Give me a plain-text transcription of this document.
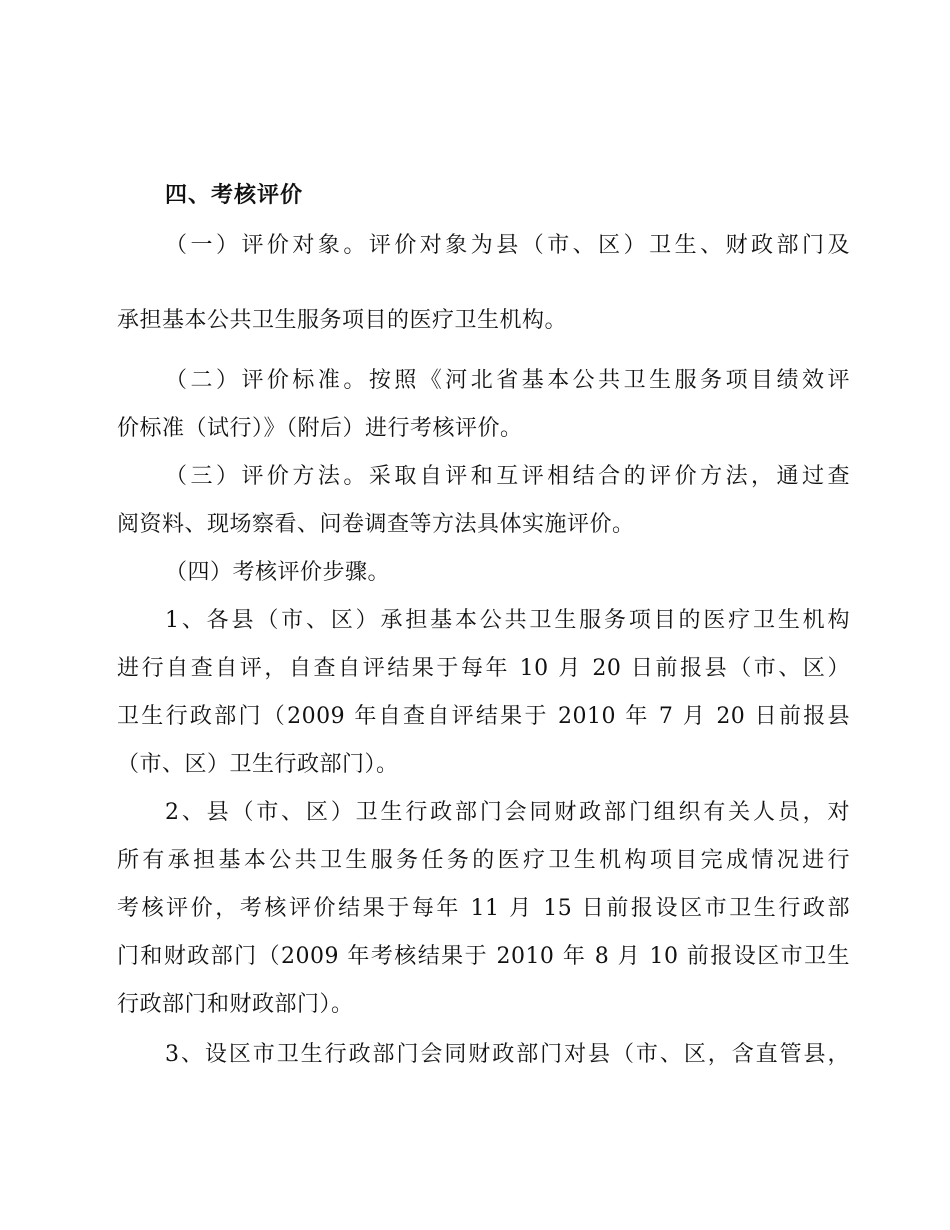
四、考核评价
（一）评价对象。评价对象为县（市、区）卫生、财政部门及
承担基本公共卫生服务项目的医疗卫生机构。
（二）评价标准。按照《河北省基本公共卫生服务项目绩效评
价标准（试行）》（附后）进行考核评价。
（三）评价方法。采取自评和互评相结合的评价方法，通过查
阅资料、现场察看、问卷调查等方法具体实施评价。
（四）考核评价步骤。
1、各县（市、区）承担基本公共卫生服务项目的医疗卫生机构
进行自查自评，自查自评结果于每年 10 月 20 日前报县（市、区）
卫生行政部门（2009 年自查自评结果于 2010 年 7 月 20 日前报县
（市、区）卫生行政部门）。
2、县（市、区）卫生行政部门会同财政部门组织有关人员，对
所有承担基本公共卫生服务任务的医疗卫生机构项目完成情况进行
考核评价，考核评价结果于每年 11 月 15 日前报设区市卫生行政部
门和财政部门（2009 年考核结果于 2010 年 8 月 10 前报设区市卫生
行政部门和财政部门）。
3、设区市卫生行政部门会同财政部门对县（市、区，含直管县，
